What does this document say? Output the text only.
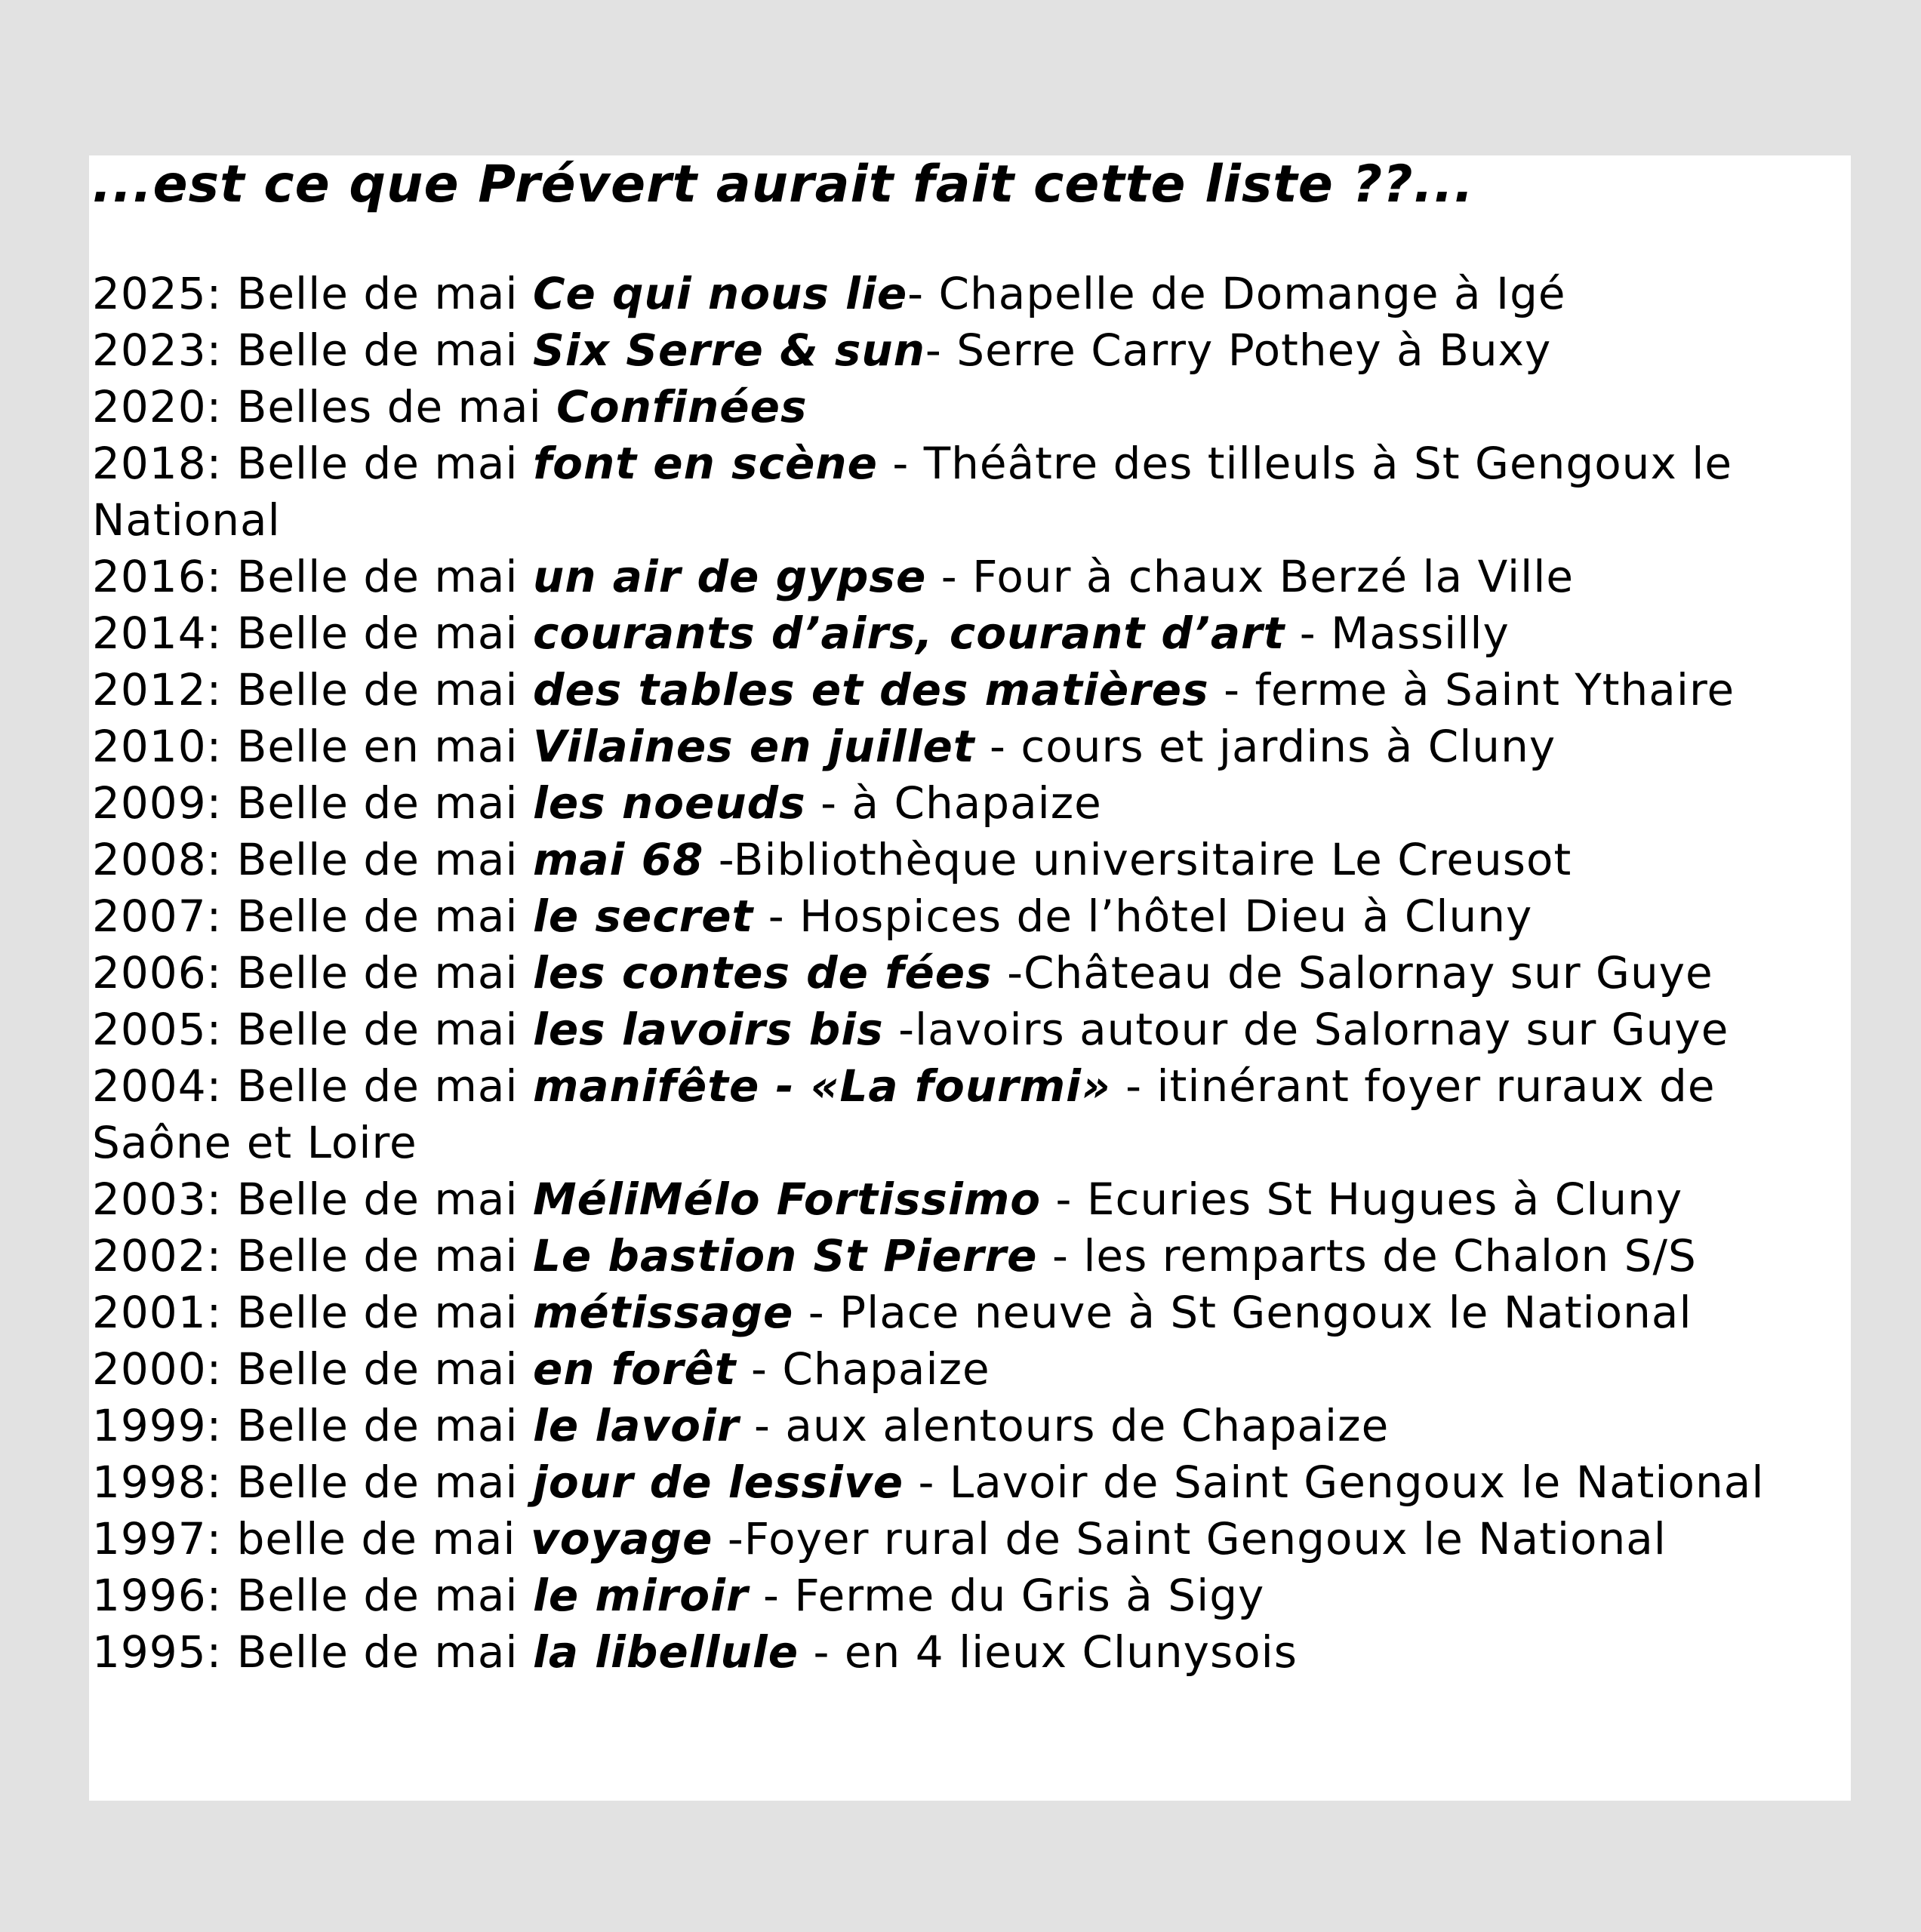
...est ce que Prévert aurait fait cette liste ??...
2025: Belle de mai Ce qui nous lie- Chapelle de Domange à Igé
2023: Belle de mai Six Serre & sun- Serre Carry Pothey à Buxy
2020: Belles de mai Confinées
2018: Belle de mai font en scène - Théâtre des tilleuls à St Gengoux le National
2016: Belle de mai un air de gypse - Four à chaux Berzé la Ville
2014: Belle de mai courants d’airs, courant d’art - Massilly
2012: Belle de mai des tables et des matières - ferme à Saint Ythaire
2010: Belle en mai Vilaines en juillet - cours et jardins à Cluny
2009: Belle de mai les noeuds - à Chapaize
2008: Belle de mai mai 68 -Bibliothèque universitaire Le Creusot
2007: Belle de mai le secret - Hospices de l’hôtel Dieu à Cluny
2006: Belle de mai les contes de fées -Château de Salornay sur Guye
2005: Belle de mai les lavoirs bis -lavoirs autour de Salornay sur Guye
2004: Belle de mai manifête - «La fourmi» - itinérant foyer ruraux de Saône et Loire
2003: Belle de mai MéliMélo Fortissimo - Ecuries St Hugues à Cluny
2002: Belle de mai Le bastion St Pierre - les remparts de Chalon S/S
2001: Belle de mai métissage - Place neuve à St Gengoux le National
2000: Belle de mai en forêt - Chapaize
1999: Belle de mai le lavoir - aux alentours de Chapaize
1998: Belle de mai jour de lessive - Lavoir de Saint Gengoux le National
1997: belle de mai voyage -Foyer rural de Saint Gengoux le National
1996: Belle de mai le miroir - Ferme du Gris à Sigy
1995: Belle de mai la libellule - en 4 lieux Clunysois
